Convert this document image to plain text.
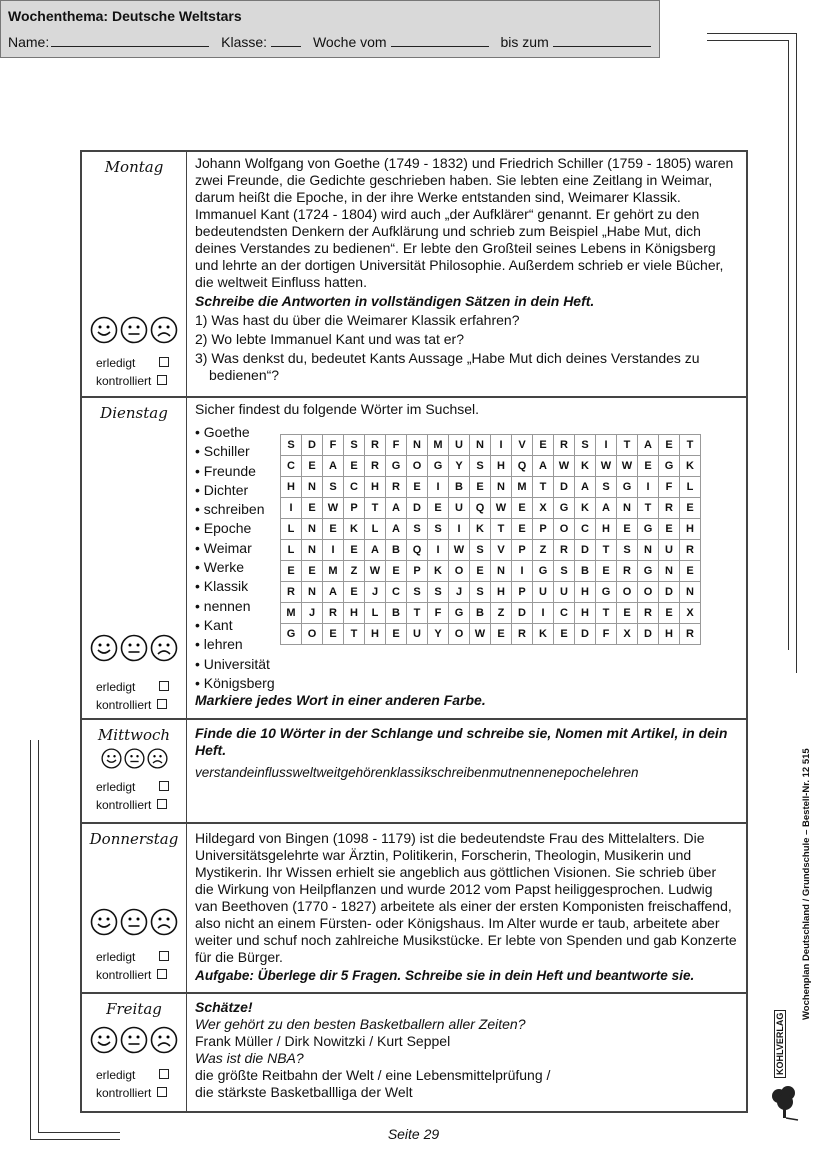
Wochenthema: Deutsche Weltstars
Name:	Klasse:	Woche vom	bis zum
Montag
erledigt
kontrolliert

Johann Wolfgang von Goethe (1749 - 1832) und Friedrich Schiller (1759 - 1805) waren zwei Freunde, die Gedichte geschrieben haben. Sie lebten eine Zeitlang in Weimar, darum heißt die Epoche, in der ihre Werke entstanden sind, Weimarer Klassik. Immanuel Kant (1724 - 1804) wird auch „der Aufklärer“ genannt. Er gehört zu den bedeutendsten Denkern der Aufklärung und schrieb zum Beispiel „Habe Mut, dich deines Verstandes zu bedienen“. Er lebte den Großteil seines Lebens in Königsberg und lehrte an der dortigen Universität Philosophie. Außerdem schrieb er viele Bücher, die weltweit Einfluss hatten.

Schreibe die Antworten in vollständigen Sätzen in dein Heft.

1) Was hast du über die Weimarer Klassik erfahren?
2) Wo lebte Immanuel Kant und was tat er?
3) Was denkst du, bedeutet Kants Aussage „Habe Mut dich deines Verstandes zu bedienen“?
Dienstag
erledigt
kontrolliert

Sicher findest du folgende Wörter im Suchsel.

• Goethe
• Schiller
• Freunde
• Dichter
• schreiben
• Epoche
• Weimar
• Werke
• Klassik
• nennen
• Kant
• lehren
• Universität
• Königsberg
S	D	F	S	R	F	N	M	U	N	I	V	E	R	S	I	T	A	E	T
C	E	A	E	R	G	O	G	Y	S	H	Q	A	W	K	W	W	E	G	K
H	N	S	C	H	R	E	I	B	E	N	M	T	D	A	S	G	I	F	L
I	E	W	P	T	A	D	E	U	Q	W	E	X	G	K	A	N	T	R	E
L	N	E	K	L	A	S	S	I	K	T	E	P	O	C	H	E	G	E	H
L	N	I	E	A	B	Q	I	W	S	V	P	Z	R	D	T	S	N	U	R
E	E	M	Z	W	E	P	K	O	E	N	I	G	S	B	E	R	G	N	E
R	N	A	E	J	C	S	S	J	S	H	P	U	U	H	G	O	O	D	N
M	J	R	H	L	B	T	F	G	B	Z	D	I	C	H	T	E	R	E	X
G	O	E	T	H	E	U	Y	O	W	E	R	K	E	D	F	X	D	H	R

Markiere jedes Wort in einer anderen Farbe.

Mittwoch
erledigt
kontrolliert

Finde die 10 Wörter in der Schlange und schreibe sie, Nomen mit Artikel, in dein Heft.

verstandeinflussweltweitgehörenklassikschreibenmutnennenepochelehren

Donnerstag
erledigt
kontrolliert

Hildegard von Bingen (1098 - 1179) ist die bedeutendste Frau des Mittelalters. Die Universitätsgelehrte war Ärztin, Politikerin, Forscherin, Theologin, Musikerin und Mystikerin. Ihr Wissen erhielt sie angeblich aus göttlichen Visionen. Sie schrieb über die Wirkung von Heilpflanzen und wurde 2012 vom Papst heiliggesprochen. Ludwig van Beethoven (1770 - 1827) arbeitete als einer der ersten Komponisten freischaffend, also nicht an einem Fürsten- oder Königshaus. Im Alter wurde er taub, arbeitete aber weiter und schuf noch zahlreiche Musikstücke. Er lebte von Spenden und gab Konzerte für die Bürger.

Aufgabe: Überlege dir 5 Fragen. Schreibe sie in dein Heft und beantworte sie.

Freitag
erledigt
kontrolliert

Schätze!

Wer gehört zu den besten Basketballern aller Zeiten?

Frank Müller / Dirk Nowitzki / Kurt Seppel

Was ist die NBA?

die größte Reitbahn der Welt / eine Lebensmittelprüfung /

die stärkste Basketballliga der Welt

Wochenplan Deutschland / Grundschule – Bestell-Nr. 12 515
KOHLVERLAG
Seite 29
